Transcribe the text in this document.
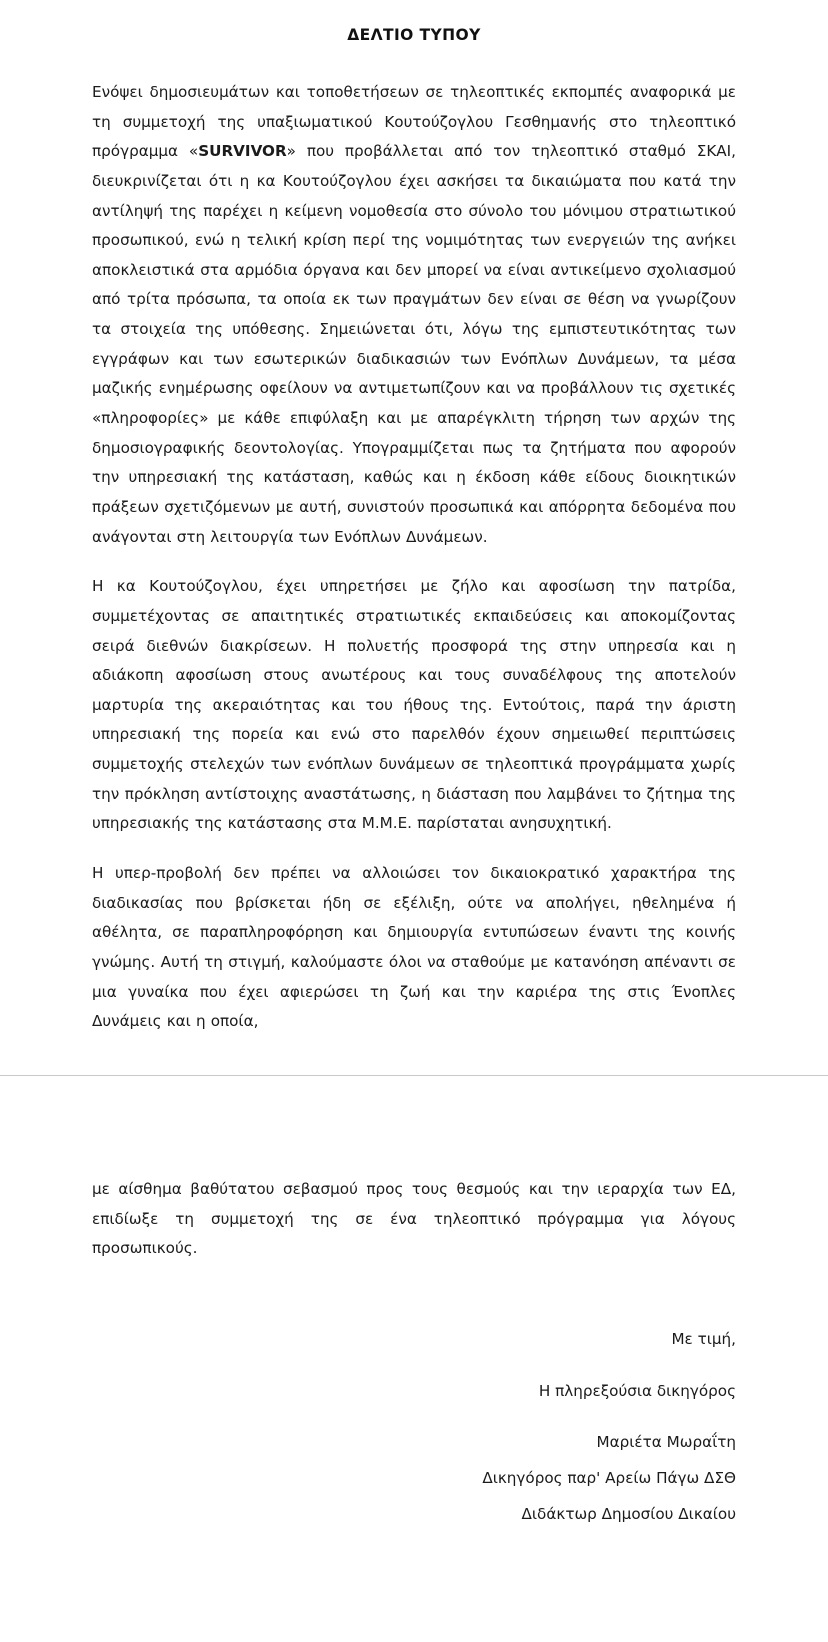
ΔΕΛΤΙΟ ΤΥΠΟΥ

Ενόψει δημοσιευμάτων και τοποθετήσεων σε τηλεοπτικές εκπομπές αναφορικά με τη συμμετοχή της υπαξιωματικού Κουτούζογλου Γεσθημανής στο τηλεοπτικό πρόγραμμα «SURVIVOR» που προβάλλεται από τον τηλεοπτικό σταθμό ΣΚΑΙ, διευκρινίζεται ότι η κα Κουτούζογλου έχει ασκήσει τα δικαιώματα που κατά την αντίληψή της παρέχει η κείμενη νομοθεσία στο σύνολο του μόνιμου στρατιωτικού προσωπικού, ενώ η τελική κρίση περί της νομιμότητας των ενεργειών της ανήκει αποκλειστικά στα αρμόδια όργανα και δεν μπορεί να είναι αντικείμενο σχολιασμού από τρίτα πρόσωπα, τα οποία εκ των πραγμάτων δεν είναι σε θέση να γνωρίζουν τα στοιχεία της υπόθεσης. Σημειώνεται ότι, λόγω της εμπιστευτικότητας των εγγράφων και των εσωτερικών διαδικασιών των Ενόπλων Δυνάμεων, τα μέσα μαζικής ενημέρωσης οφείλουν να αντιμετωπίζουν και να προβάλλουν τις σχετικές «πληροφορίες» με κάθε επιφύλαξη και με απαρέγκλιτη τήρηση των αρχών της δημοσιογραφικής δεοντολογίας. Υπογραμμίζεται πως τα ζητήματα που αφορούν την υπηρεσιακή της κατάσταση, καθώς και η έκδοση κάθε είδους διοικητικών πράξεων σχετιζόμενων με αυτή, συνιστούν προσωπικά και απόρρητα δεδομένα που ανάγονται στη λειτουργία των Ενόπλων Δυνάμεων.

Η κα Κουτούζογλου, έχει υπηρετήσει με ζήλο και αφοσίωση την πατρίδα, συμμετέχοντας σε απαιτητικές στρατιωτικές εκπαιδεύσεις και αποκομίζοντας σειρά διεθνών διακρίσεων. Η πολυετής προσφορά της στην υπηρεσία και η αδιάκοπη αφοσίωση στους ανωτέρους και τους συναδέλφους της αποτελούν μαρτυρία της ακεραιότητας και του ήθους της. Εντούτοις, παρά την άριστη υπηρεσιακή της πορεία και ενώ στο παρελθόν έχουν σημειωθεί περιπτώσεις συμμετοχής στελεχών των ενόπλων δυνάμεων σε τηλεοπτικά προγράμματα χωρίς την πρόκληση αντίστοιχης αναστάτωσης, η διάσταση που λαμβάνει το ζήτημα της υπηρεσιακής της κατάστασης στα Μ.Μ.Ε. παρίσταται ανησυχητική.

Η υπερ-προβολή δεν πρέπει να αλλοιώσει τον δικαιοκρατικό χαρακτήρα της διαδικασίας που βρίσκεται ήδη σε εξέλιξη, ούτε να απολήγει, ηθελημένα ή αθέλητα, σε παραπληροφόρηση και δημιουργία εντυπώσεων έναντι της κοινής γνώμης. Αυτή τη στιγμή, καλούμαστε όλοι να σταθούμε με κατανόηση απέναντι σε μια γυναίκα που έχει αφιερώσει τη ζωή και την καριέρα της στις Ένοπλες Δυνάμεις και η οποία,

με αίσθημα βαθύτατου σεβασμού προς τους θεσμούς και την ιεραρχία των ΕΔ, επιδίωξε τη συμμετοχή της σε ένα τηλεοπτικό πρόγραμμα για λόγους προσωπικούς.

Με τιμή,
Η πληρεξούσια δικηγόρος
Μαριέτα Μωραΐτη
Δικηγόρος παρ' Αρείω Πάγω ΔΣΘ
Διδάκτωρ Δημοσίου Δικαίου
